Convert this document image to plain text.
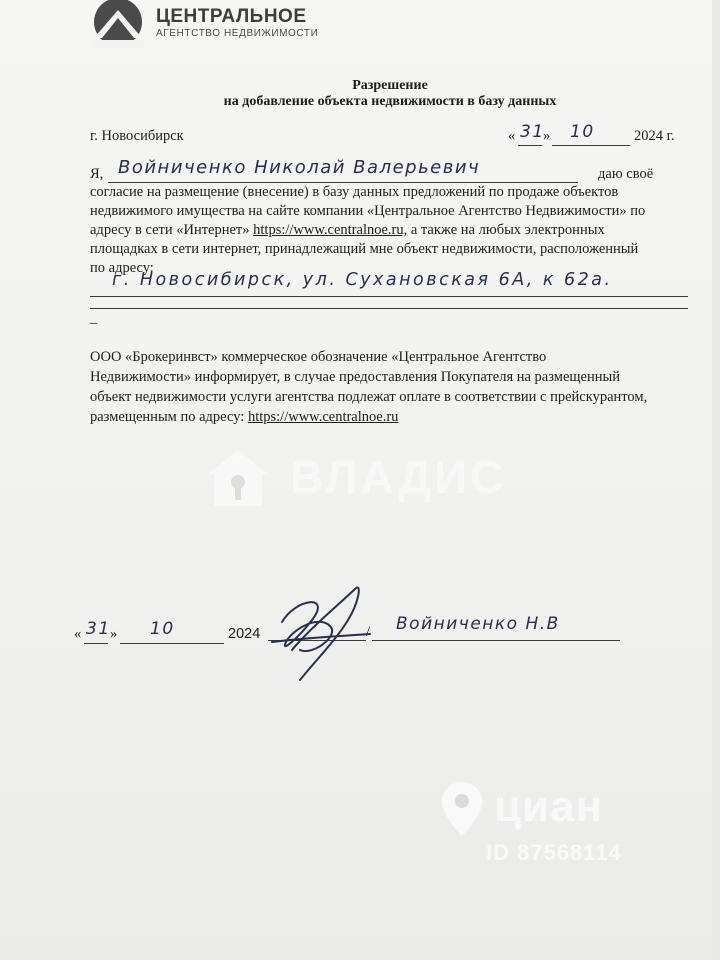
ЦЕНТРАЛЬНОЕ
АГЕНТСТВО НЕДВИЖИМОСТИ
Разрешение
на добавление объекта недвижимости в базу данных
г. Новосибирск	« 31
» 10	2024 г.
Я, Войниченко Николай Валерьевич	даю своё
согласие на размещение (внесение) в базу данных предложений по продаже объектов
недвижимого имущества на сайте компании «Центральное Агентство Недвижимости» по
адресу в сети «Интернет» https://www.centralnoe.ru, а также на любых электронных
площадках в сети интернет, принадлежащий мне объект недвижимости, расположенный
по адресу:
г. Новосибирск, ул. Сухановская 6А, к 62а.
–
ООО «Брокеринвст» коммерческое обозначение «Центральное Агентство
Недвижимости» информирует, в случае предоставления Покупателя на размещенный
объект недвижимости услуги агентства подлежат оплате в соответствии с прейскурантом,
размещенным по адресу: https://www.centralnoe.ru
ВЛАДИС
« 31 » 10	2024	/ Войниченко Н.В
циан
ID 87568114
